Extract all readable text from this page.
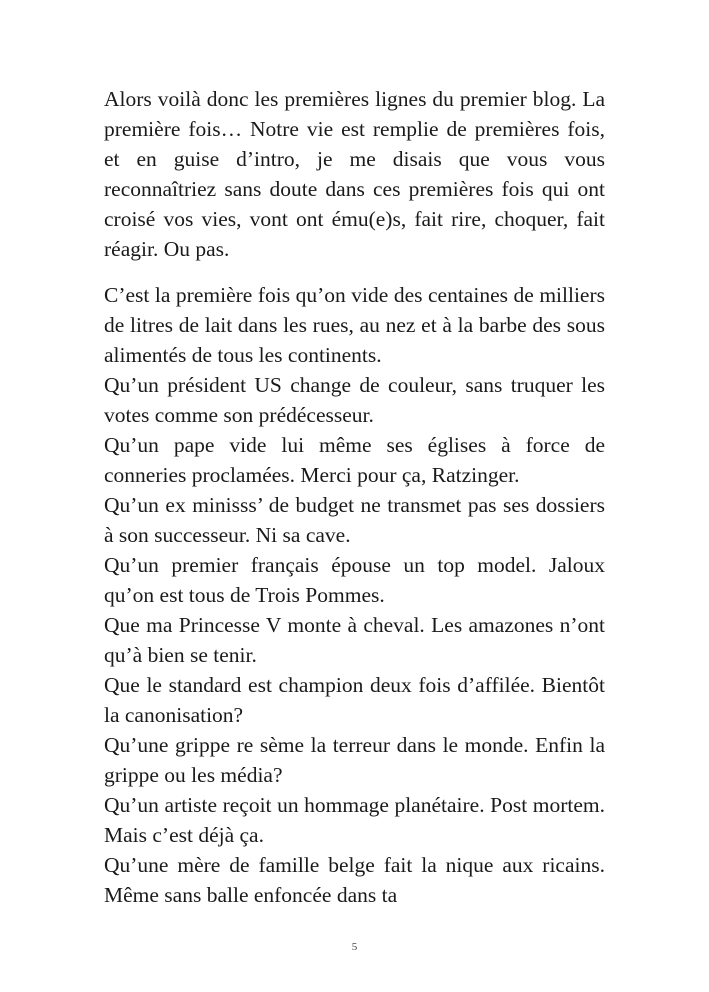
Alors voilà donc les premières lignes du premier blog. La première fois… Notre vie est remplie de premières fois, et en guise d’intro, je me disais que vous vous reconnaîtriez sans doute dans ces premières fois qui ont croisé vos vies, vont ont ému(e)s, fait rire, choquer, fait réagir. Ou pas.

C’est la première fois qu’on vide des centaines de milliers de litres de lait dans les rues, au nez et à la barbe des sous alimentés de tous les continents.

Qu’un président US change de couleur, sans truquer les votes comme son prédécesseur.

Qu’un pape vide lui même ses églises à force de conneries proclamées. Merci pour ça, Ratzinger.

Qu’un ex minisss’ de budget ne transmet pas ses dossiers à son successeur. Ni sa cave.

Qu’un premier français épouse un top model. Jaloux qu’on est tous de Trois Pommes.

Que ma Princesse V monte à cheval. Les amazones n’ont qu’à bien se tenir.

Que le standard est champion deux fois d’affilée. Bientôt la canonisation?

Qu’une grippe re sème la terreur dans le monde. Enfin la grippe ou les média?

Qu’un artiste reçoit un hommage planétaire. Post mortem. Mais c’est déjà ça.

Qu’une mère de famille belge fait la nique aux ricains. Même sans balle enfoncée dans ta

5
